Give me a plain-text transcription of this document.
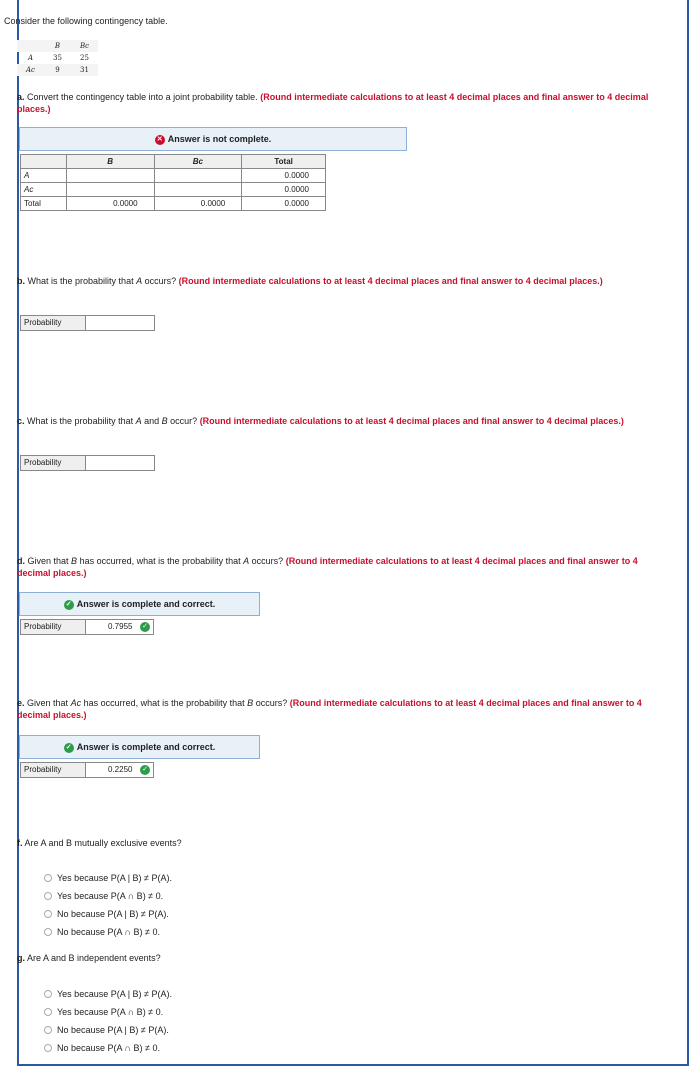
Consider the following contingency table.
	B	Bc
A	35	25
Ac	9	31
a. Convert the contingency table into a joint probability table. (Round intermediate calculations to at least 4 decimal places and final answer to 4 decimal places.)
✕ Answer is not complete.
	B	Bc	Total
A			0.0000
Ac			0.0000
Total	0.0000	0.0000	0.0000
b. What is the probability that A occurs? (Round intermediate calculations to at least 4 decimal places and final answer to 4 decimal places.)
Probability
c. What is the probability that A and B occur? (Round intermediate calculations to at least 4 decimal places and final answer to 4 decimal places.)
Probability
d. Given that B has occurred, what is the probability that A occurs? (Round intermediate calculations to at least 4 decimal places and final answer to 4 decimal places.)
✓ Answer is complete and correct.
Probability	0.7955 ✓
e. Given that Ac has occurred, what is the probability that B occurs? (Round intermediate calculations to at least 4 decimal places and final answer to 4 decimal places.)
✓ Answer is complete and correct.
Probability	0.2250 ✓
f. Are A and B mutually exclusive events?
Yes because P(A | B) ≠ P(A).
Yes because P(A ∩ B) ≠ 0.
No because P(A | B) ≠ P(A).
No because P(A ∩ B) ≠ 0.
g. Are A and B independent events?
Yes because P(A | B) ≠ P(A).
Yes because P(A ∩ B) ≠ 0.
No because P(A | B) ≠ P(A).
No because P(A ∩ B) ≠ 0.
